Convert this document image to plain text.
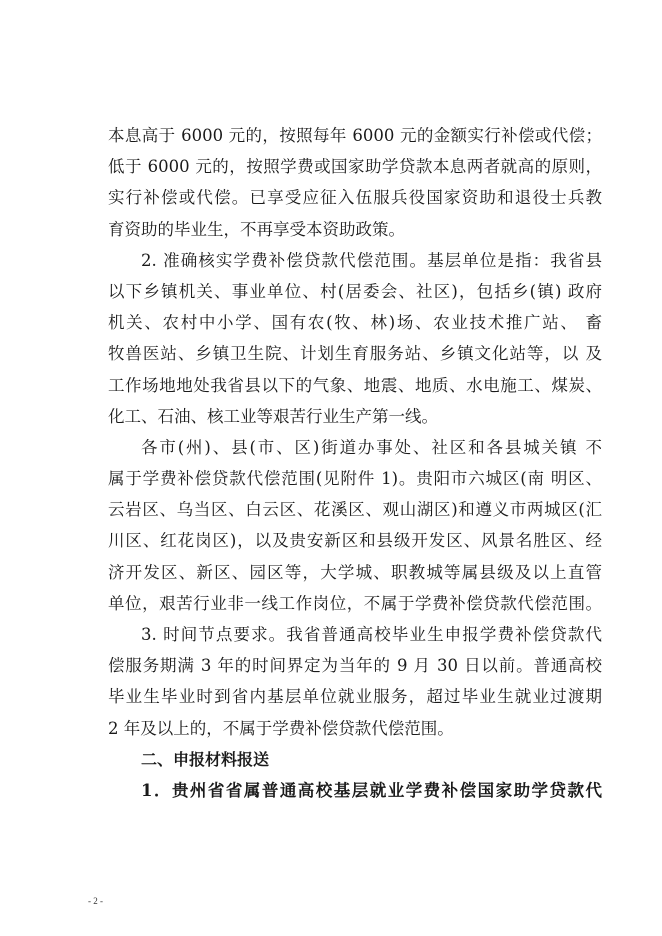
本息高于 6000 元的，按照每年 6000 元的金额实行补偿或代偿；
低于 6000 元的，按照学费或国家助学贷款本息两者就高的原则，
实行补偿或代偿。已享受应征入伍服兵役国家资助和退役士兵教
育资助的毕业生，不再享受本资助政策。
2. 准确核实学费补偿贷款代偿范围。基层单位是指：我省县
以下乡镇机关、事业单位、村(居委会、社区)，包括乡(镇) 政府
机关、农村中小学、国有农(牧、林)场、农业技术推广站、 畜
牧兽医站、乡镇卫生院、计划生育服务站、乡镇文化站等，以 及
工作场地地处我省县以下的气象、地震、地质、水电施工、煤炭、
化工、石油、核工业等艰苦行业生产第一线。
各市(州)、县(市、区)街道办事处、社区和各县城关镇 不
属于学费补偿贷款代偿范围(见附件 1)。贵阳市六城区(南 明区、
云岩区、乌当区、白云区、花溪区、观山湖区)和遵义市两城区(汇
川区、红花岗区)，以及贵安新区和县级开发区、风景名胜区、经
济开发区、新区、园区等，大学城、职教城等属县级及以上直管
单位，艰苦行业非一线工作岗位，不属于学费补偿贷款代偿范围。
3. 时间节点要求。我省普通高校毕业生申报学费补偿贷款代
偿服务期满 3 年的时间界定为当年的 9 月 30 日以前。普通高校
毕业生毕业时到省内基层单位就业服务，超过毕业生就业过渡期
2 年及以上的，不属于学费补偿贷款代偿范围。
二、申报材料报送
1．贵州省省属普通高校基层就业学费补偿国家助学贷款代
- 2 -
